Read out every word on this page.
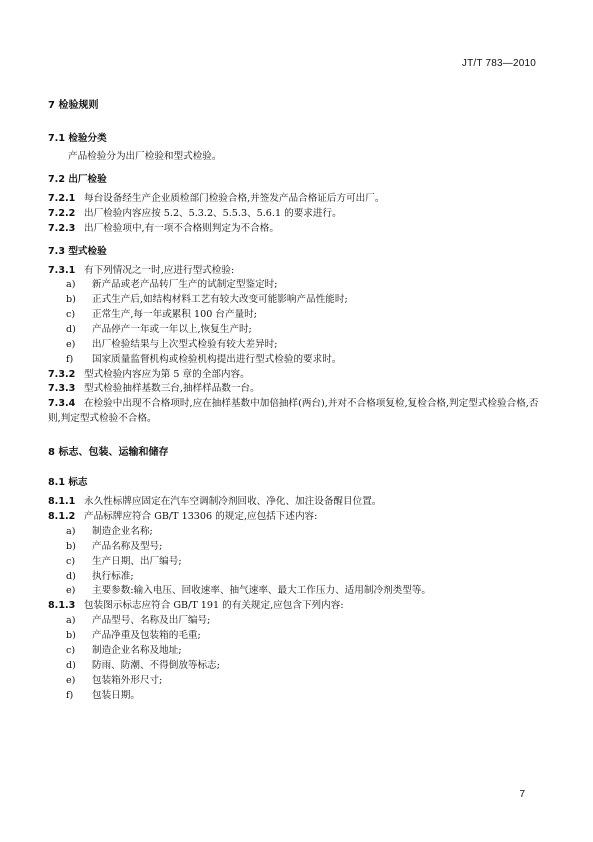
JT/T 783—2010
7 检验规则
7.1 检验分类
产品检验分为出厂检验和型式检验。
7.2 出厂检验
7.2.1 每台设备经生产企业质检部门检验合格,并签发产品合格证后方可出厂。
7.2.2 出厂检验内容应按 5.2、5.3.2、5.5.3、5.6.1 的要求进行。
7.2.3 出厂检验项中,有一项不合格则判定为不合格。
7.3 型式检验
7.3.1 有下列情况之一时,应进行型式检验:
a)	新产品或老产品转厂生产的试制定型鉴定时;
b)	正式生产后,如结构材料工艺有较大改变可能影响产品性能时;
c)	正常生产,每一年或累积 100 台产量时;
d)	产品停产一年或一年以上,恢复生产时;
e)	出厂检验结果与上次型式检验有较大差异时;
f)	国家质量监督机构或检验机构提出进行型式检验的要求时。
7.3.2 型式检验内容应为第 5 章的全部内容。
7.3.3 型式检验抽样基数三台,抽样样品数一台。
7.3.4 在检验中出现不合格项时,应在抽样基数中加倍抽样(两台),并对不合格项复检,复检合格,判定型式检验合格,否则,判定型式检验不合格。
8 标志、包装、运输和储存
8.1 标志
8.1.1 永久性标牌应固定在汽车空调制冷剂回收、净化、加注设备醒目位置。
8.1.2 产品标牌应符合 GB/T 13306 的规定,应包括下述内容:
a)	制造企业名称;
b)	产品名称及型号;
c)	生产日期、出厂编号;
d)	执行标准;
e)	主要参数:输入电压、回收速率、抽气速率、最大工作压力、适用制冷剂类型等。
8.1.3 包装图示标志应符合 GB/T 191 的有关规定,应包含下列内容:
a)	产品型号、名称及出厂编号;
b)	产品净重及包装箱的毛重;
c)	制造企业名称及地址;
d)	防雨、防潮、不得倒放等标志;
e)	包装箱外形尺寸;
f)	包装日期。
7
